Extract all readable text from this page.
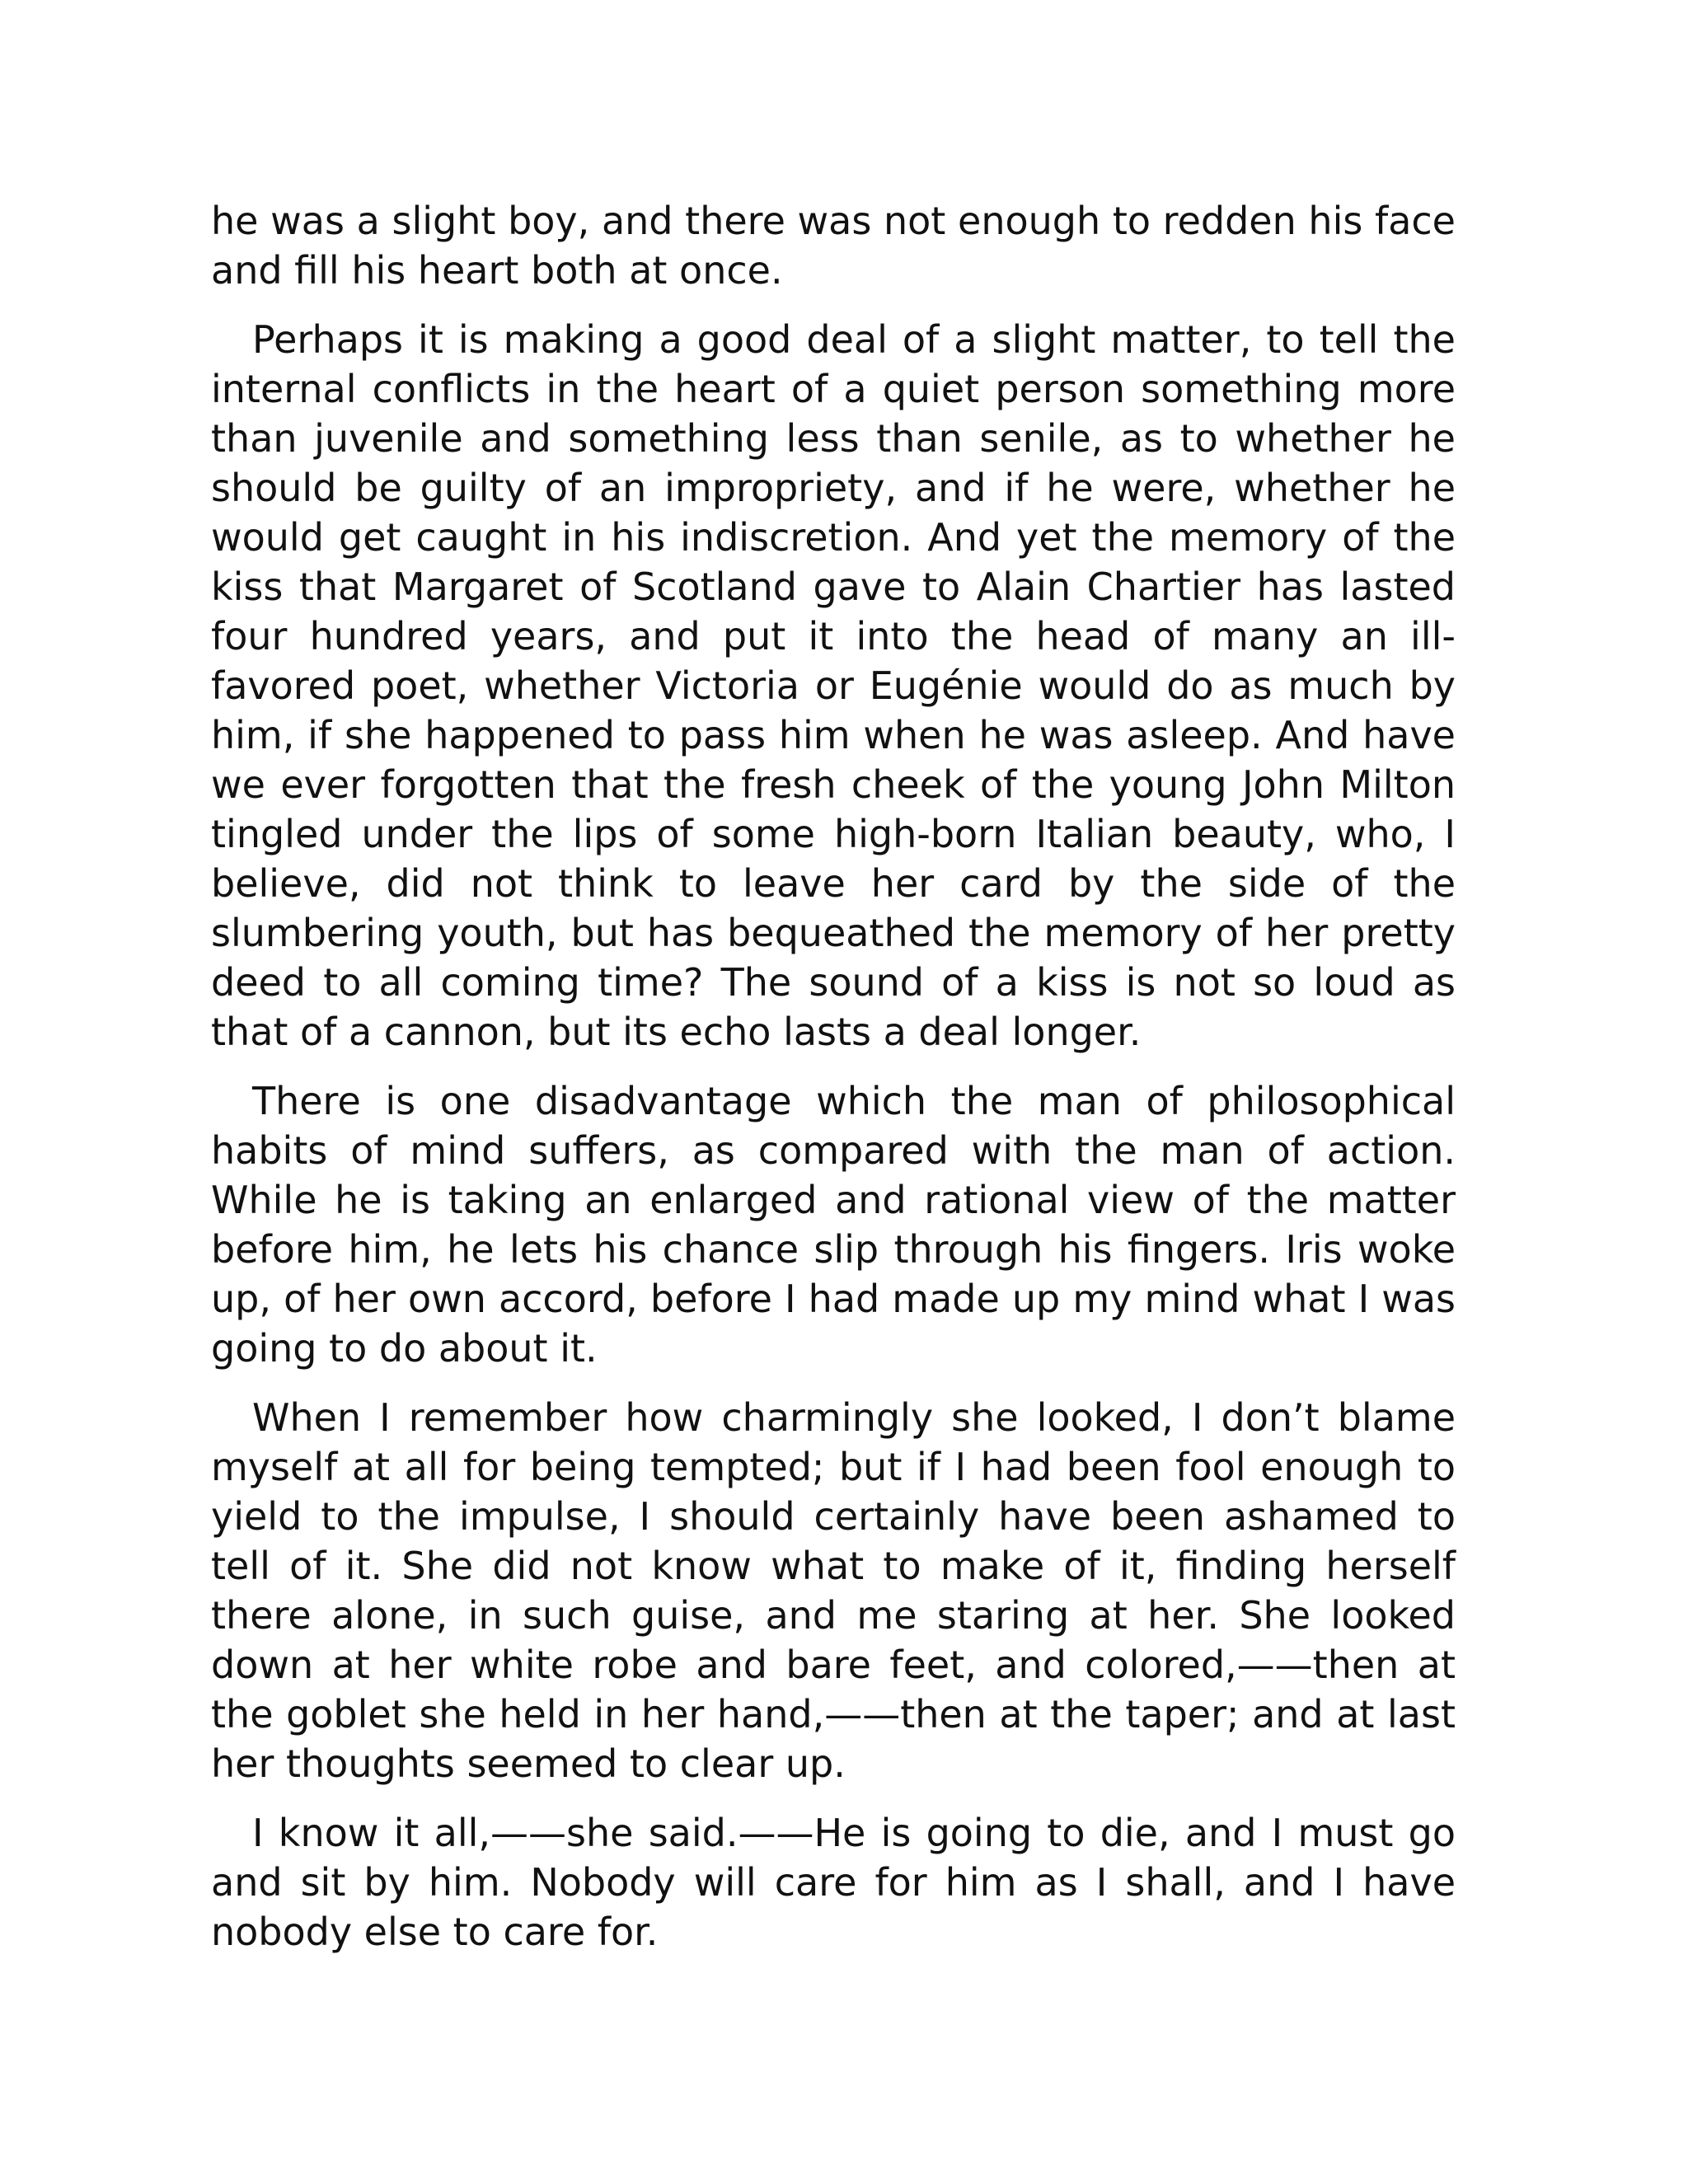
he was a slight boy, and there was not enough to redden his face and fill his heart both at once.

Perhaps it is making a good deal of a slight matter, to tell the internal conflicts in the heart of a quiet person something more than juvenile and something less than senile, as to whether he should be guilty of an impropriety, and if he were, whether he would get caught in his indiscretion. And yet the memory of the kiss that Margaret of Scotland gave to Alain Chartier has lasted four hundred years, and put it into the head of many an ill-favored poet, whether Victoria or Eugénie would do as much by him, if she happened to pass him when he was asleep. And have we ever forgotten that the fresh cheek of the young John Milton tingled under the lips of some high-born Italian beauty, who, I believe, did not think to leave her card by the side of the slumbering youth, but has bequeathed the memory of her pretty deed to all coming time? The sound of a kiss is not so loud as that of a cannon, but its echo lasts a deal longer.

There is one disadvantage which the man of philosophical habits of mind suffers, as compared with the man of action. While he is taking an enlarged and rational view of the matter before him, he lets his chance slip through his fingers. Iris woke up, of her own accord, before I had made up my mind what I was going to do about it.

When I remember how charmingly she looked, I don’t blame myself at all for being tempted; but if I had been fool enough to yield to the impulse, I should certainly have been ashamed to tell of it. She did not know what to make of it, finding herself there alone, in such guise, and me staring at her. She looked down at her white robe and bare feet, and colored,——then at the goblet she held in her hand,——then at the taper; and at last her thoughts seemed to clear up.

I know it all,——she said.——He is going to die, and I must go and sit by him. Nobody will care for him as I shall, and I have nobody else to care for.
